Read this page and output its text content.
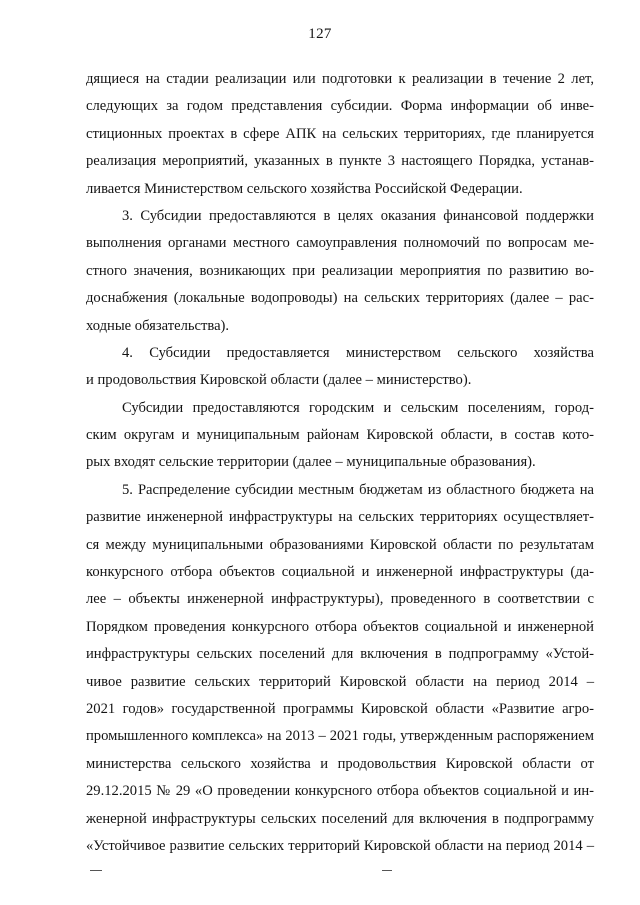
127
дящиеся на стадии реализации или подготовки к реализации в течение 2 лет,
следующих за годом представления субсидии. Форма информации об инве-
стиционных проектах в сфере АПК на сельских территориях, где планируется
реализация мероприятий, указанных в пункте 3 настоящего Порядка, устанав-
ливается Министерством сельского хозяйства Российской Федерации.
3. Субсидии предоставляются в целях оказания финансовой поддержки
выполнения органами местного самоуправления полномочий по вопросам ме-
стного значения, возникающих при реализации мероприятия по развитию во-
доснабжения (локальные водопроводы) на сельских территориях (далее – рас-
ходные обязательства).
4. Субсидии предоставляется министерством сельского хозяйства
и продовольствия Кировской области (далее – министерство).
Субсидии предоставляются городским и сельским поселениям, город-
ским округам и муниципальным районам Кировской области, в состав кото-
рых входят сельские территории (далее – муниципальные образования).
5. Распределение субсидии местным бюджетам из областного бюджета на
развитие инженерной инфраструктуры на сельских территориях осуществляет-
ся между муниципальными образованиями Кировской области по результатам
конкурсного отбора объектов социальной и инженерной инфраструктуры (да-
лее – объекты инженерной инфраструктуры), проведенного в соответствии с
Порядком проведения конкурсного отбора объектов социальной и инженерной
инфраструктуры сельских поселений для включения в подпрограмму «Устой-
чивое развитие сельских территорий Кировской области на период 2014 –
2021 годов» государственной программы Кировской области «Развитие агро-
промышленного комплекса» на 2013 – 2021 годы, утвержденным распоряжением
министерства сельского хозяйства и продовольствия Кировской области от
29.12.2015 № 29 «О проведении конкурсного отбора объектов социальной и ин-
женерной инфраструктуры сельских поселений для включения в подпрограмму
«Устойчивое развитие сельских территорий Кировской области на период 2014 –
